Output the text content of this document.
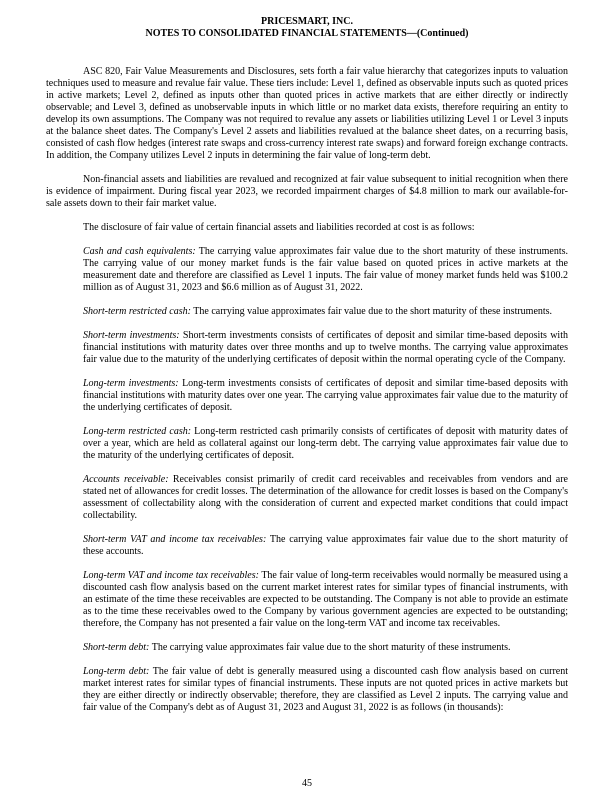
PRICESMART, INC.
NOTES TO CONSOLIDATED FINANCIAL STATEMENTS—(Continued)

ASC 820, Fair Value Measurements and Disclosures, sets forth a fair value hierarchy that categorizes inputs to valuation techniques used to measure and revalue fair value. These tiers include: Level 1, defined as observable inputs such as quoted prices in active markets; Level 2, defined as inputs other than quoted prices in active markets that are either directly or indirectly observable; and Level 3, defined as unobservable inputs in which little or no market data exists, therefore requiring an entity to develop its own assumptions. The Company was not required to revalue any assets or liabilities utilizing Level 1 or Level 3 inputs at the balance sheet dates. The Company's Level 2 assets and liabilities revalued at the balance sheet dates, on a recurring basis, consisted of cash flow hedges (interest rate swaps and cross-currency interest rate swaps) and forward foreign exchange contracts. In addition, the Company utilizes Level 2 inputs in determining the fair value of long-term debt.

Non-financial assets and liabilities are revalued and recognized at fair value subsequent to initial recognition when there is evidence of impairment. During fiscal year 2023, we recorded impairment charges of $4.8 million to mark our available-for-sale assets down to their fair market value.

The disclosure of fair value of certain financial assets and liabilities recorded at cost is as follows:

Cash and cash equivalents: The carrying value approximates fair value due to the short maturity of these instruments. The carrying value of our money market funds is the fair value based on quoted prices in active markets at the measurement date and therefore are classified as Level 1 inputs. The fair value of money market funds held was $100.2 million as of August 31, 2023 and $6.6 million as of August 31, 2022.

Short-term restricted cash: The carrying value approximates fair value due to the short maturity of these instruments.

Short-term investments: Short-term investments consists of certificates of deposit and similar time-based deposits with financial institutions with maturity dates over three months and up to twelve months. The carrying value approximates fair value due to the maturity of the underlying certificates of deposit within the normal operating cycle of the Company.

Long-term investments: Long-term investments consists of certificates of deposit and similar time-based deposits with financial institutions with maturity dates over one year. The carrying value approximates fair value due to the maturity of the underlying certificates of deposit.

Long-term restricted cash: Long-term restricted cash primarily consists of certificates of deposit with maturity dates of over a year, which are held as collateral against our long-term debt. The carrying value approximates fair value due to the maturity of the underlying certificates of deposit.

Accounts receivable: Receivables consist primarily of credit card receivables and receivables from vendors and are stated net of allowances for credit losses. The determination of the allowance for credit losses is based on the Company's assessment of collectability along with the consideration of current and expected market conditions that could impact collectability.

Short-term VAT and income tax receivables: The carrying value approximates fair value due to the short maturity of these accounts.

Long-term VAT and income tax receivables: The fair value of long-term receivables would normally be measured using a discounted cash flow analysis based on the current market interest rates for similar types of financial instruments, with an estimate of the time these receivables are expected to be outstanding. The Company is not able to provide an estimate as to the time these receivables owed to the Company by various government agencies are expected to be outstanding; therefore, the Company has not presented a fair value on the long-term VAT and income tax receivables.

Short-term debt: The carrying value approximates fair value due to the short maturity of these instruments.

Long-term debt: The fair value of debt is generally measured using a discounted cash flow analysis based on current market interest rates for similar types of financial instruments. These inputs are not quoted prices in active markets but they are either directly or indirectly observable; therefore, they are classified as Level 2 inputs. The carrying value and fair value of the Company's debt as of August 31, 2023 and August 31, 2022 is as follows (in thousands):

45
